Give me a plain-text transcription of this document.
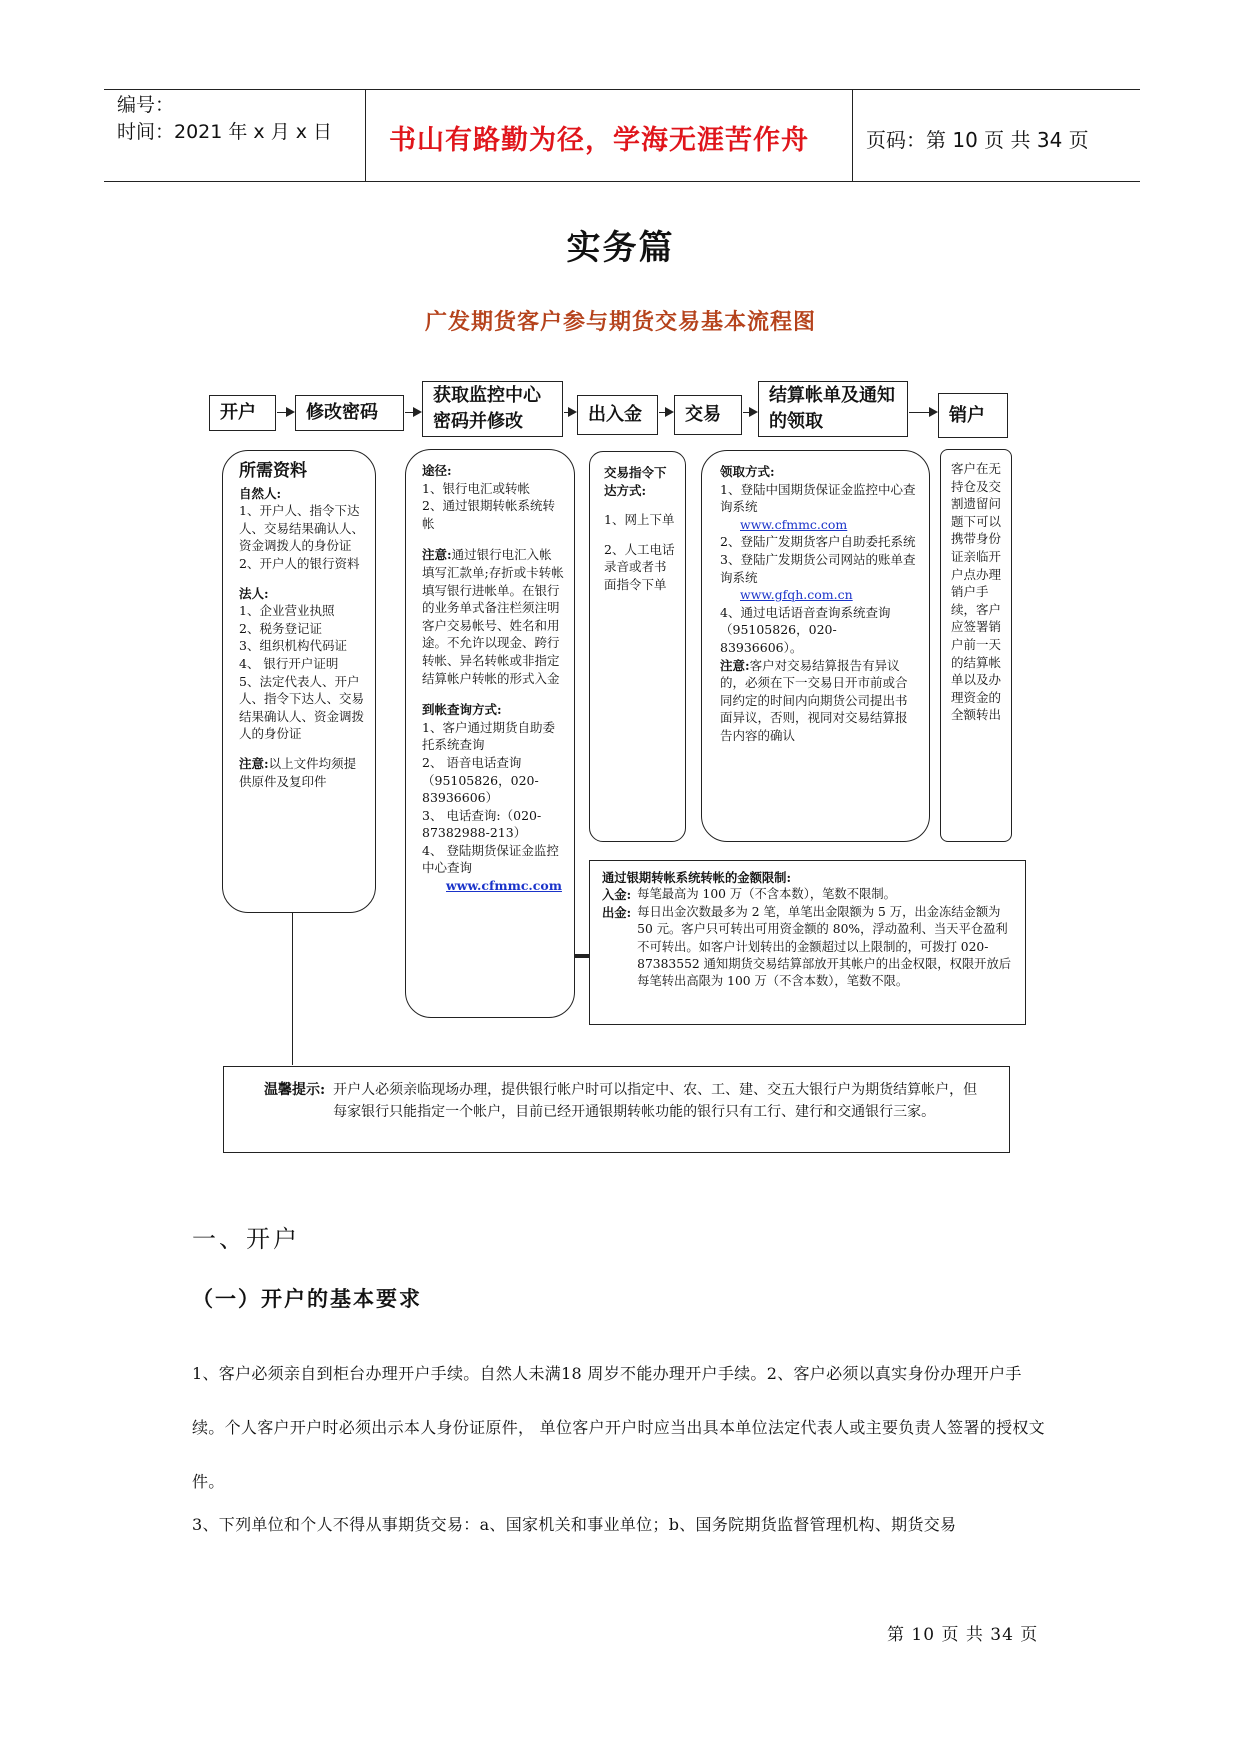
编号：
时间：2021 年 x 月 x 日 书山有路勤为径，学海无涯苦作舟	页码：第 10 页 共 34 页
实务篇
广发期货客户参与期货交易基本流程图
开户	修改密码
获取监控中心密码并修改	出入金 交易
结算帐单及通知的领取	销户
所需资料
自然人:
1、开户人、指令下达人、交易结果确认人、资金调拨人的身份证
2、开户人的银行资料
法人:
1、企业营业执照
2、税务登记证
3、组织机构代码证
4、 银行开户证明
5、法定代表人、开户人、指令下达人、交易结果确认人、资金调拨人的身份证
注意:以上文件均须提供原件及复印件
途径:
1、银行电汇或转帐
2、通过银期转帐系统转帐
注意:通过银行电汇入帐填写汇款单;存折或卡转帐填写银行进帐单。在银行的业务单式备注栏须注明客户交易帐号、姓名和用途。不允许以现金、跨行转帐、异名转帐或非指定结算帐户转帐的形式入金
到帐查询方式:
1、客户通过期货自助委托系统查询
2、 语音电话查询（95105826，020-83936606）
3、 电话查询:（020-87382988-213）
4、 登陆期货保证金监控中心查询
www.cfmmc.com
交易指令下达方式:
1、网上下单
2、人工电话录音或者书面指令下单
领取方式:
1、登陆中国期货保证金监控中心查询系统
www.cfmmc.com
2、登陆广发期货客户自助委托系统
3、登陆广发期货公司网站的账单查询系统
www.gfqh.com.cn
4、通过电话语音查询系统查询（95105826，020-83936606）。
注意:客户对交易结算报告有异议的，必须在下一交易日开市前或合同约定的时间内向期货公司提出书面异议，否则，视同对交易结算报告内容的确认
客户在无持仓及交割遗留问题下可以携带身份证亲临开户点办理销户手续，客户应签署销户前一天的结算帐单以及办理资金的全额转出
通过银期转帐系统转帐的金额限制:
入金: 每笔最高为 100 万（不含本数），笔数不限制。
出金: 每日出金次数最多为 2 笔，单笔出金限额为 5 万，出金冻结金额为 50 元。客户只可转出可用资金额的 80%，浮动盈利、当天平仓盈利不可转出。如客户计划转出的金额超过以上限制的，可拨打 020-87383552 通知期货交易结算部放开其帐户的出金权限，权限开放后每笔转出高限为 100 万（不含本数），笔数不限。
温馨提示: 开户人必须亲临现场办理，提供银行帐户时可以指定中、农、工、建、交五大银行户为期货结算帐户，但每家银行只能指定一个帐户，目前已经开通银期转帐功能的银行只有工行、建行和交通银行三家。
一、开户
（一）开户的基本要求
1、客户必须亲自到柜台办理开户手续。自然人未满18 周岁不能办理开户手续。2、客户必须以真实身份办理开户手续。个人客户开户时必须出示本人身份证原件， 单位客户开户时应当出具本单位法定代表人或主要负责人签署的授权文件。
3、下列单位和个人不得从事期货交易：a、国家机关和事业单位；b、国务院期货监督管理机构、期货交易
第 10 页 共 34 页
